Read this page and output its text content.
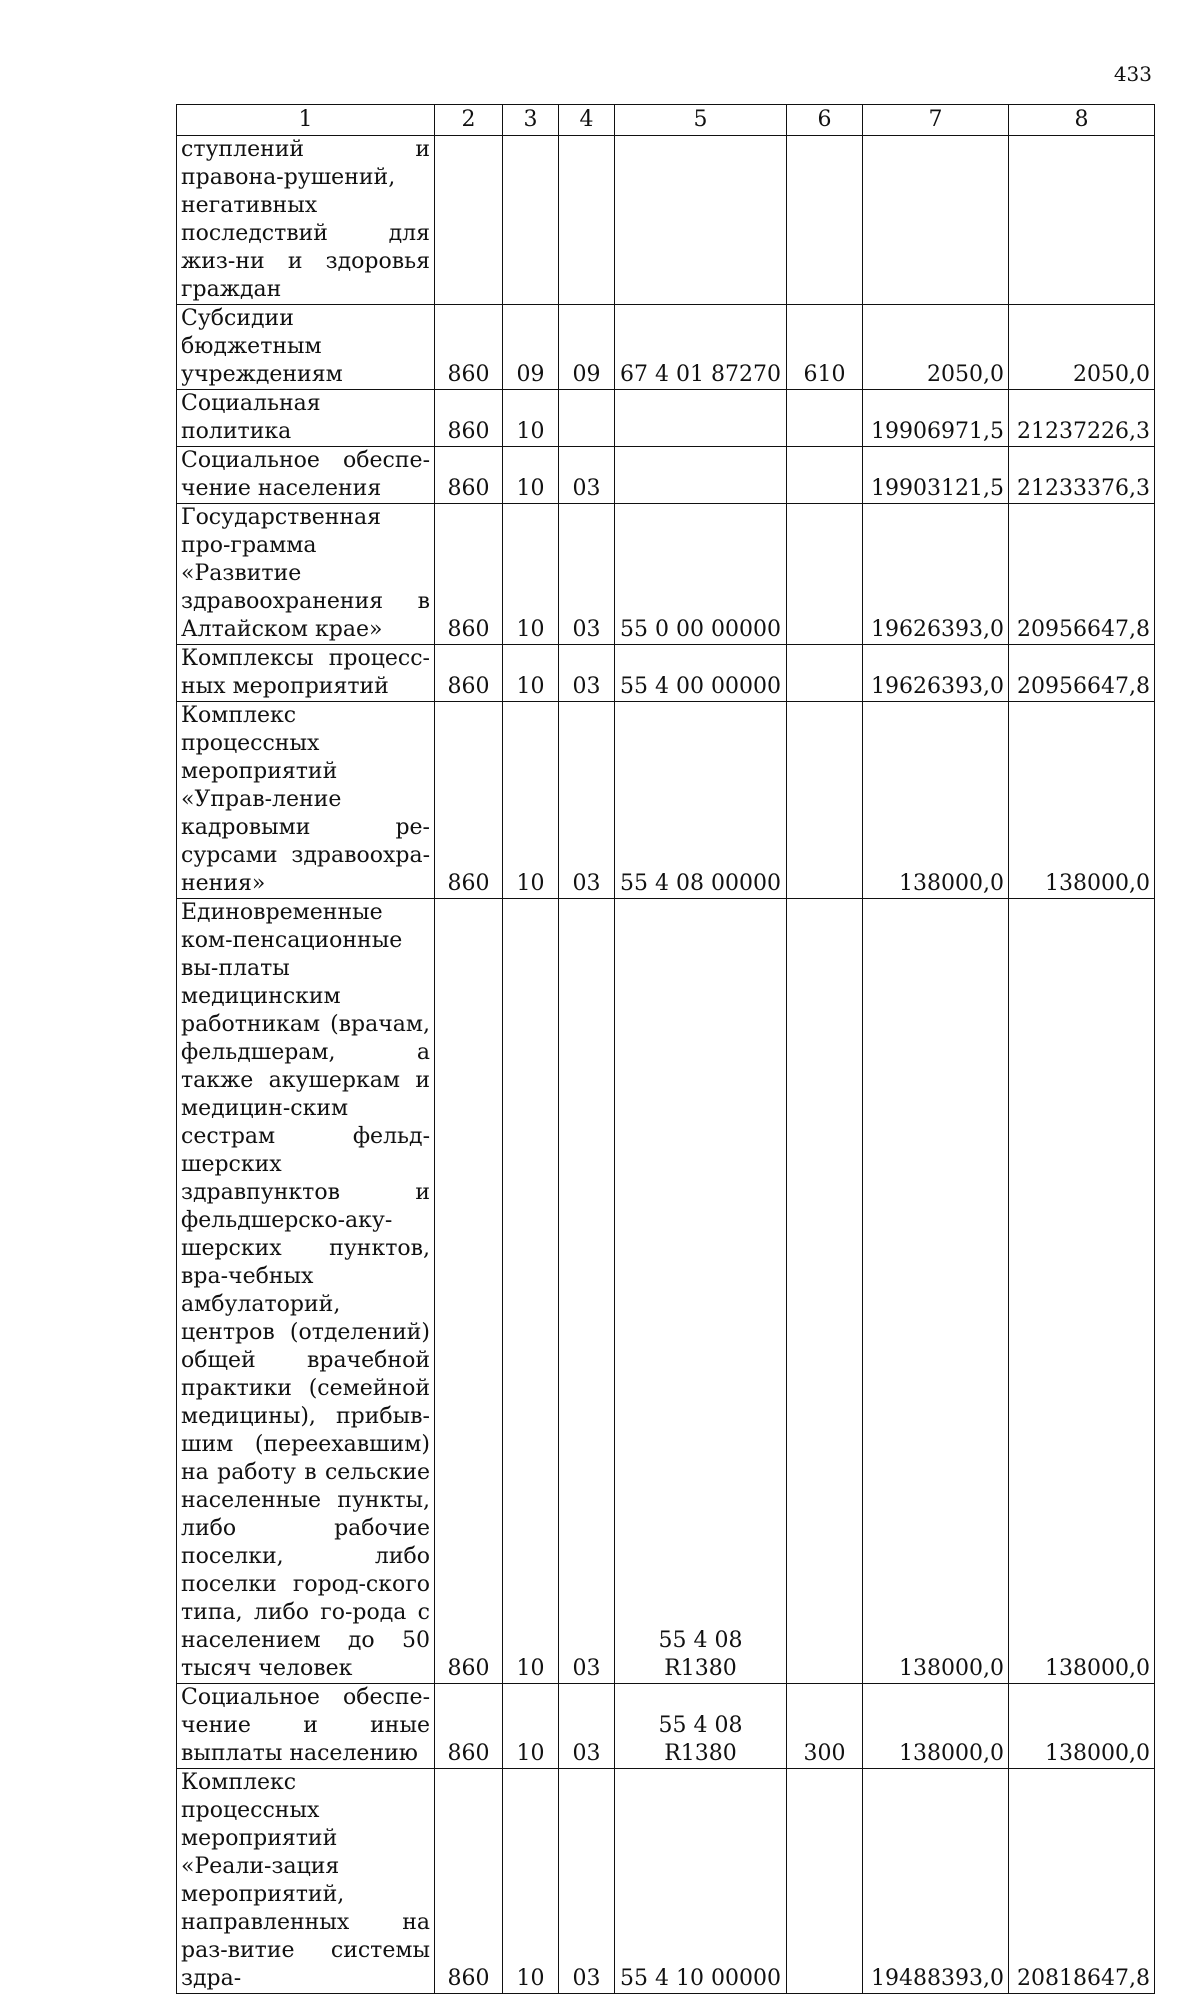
433
1	2	3	4	5	6	7	8
ступлений и правона-рушений, негативных последствий для жиз-ни и здоровья граждан							
Субсидии бюджетным учреждениям	860	09	09	67 4 01 87270	610	2050,0	2050,0
Социальная политика	860	10				19906971,5	21237226,3
Социальное обеспе-чение населения	860	10	03			19903121,5	21233376,3
Государственная про-грамма «Развитие здравоохранения в Алтайском крае»	860	10	03	55 0 00 00000		19626393,0	20956647,8
Комплексы процесс-ных мероприятий	860	10	03	55 4 00 00000		19626393,0	20956647,8
Комплекс процессных мероприятий «Управ-ление кадровыми ре-сурсами здравоохра-нения»	860	10	03	55 4 08 00000		138000,0	138000,0
Единовременные ком-пенсационные вы-платы медицинским работникам (врачам, фельдшерам, а также акушеркам и медицин-ским сестрам фельд-шерских здравпунктов и фельдшерско-аку-шерских пунктов, вра-чебных амбулаторий, центров (отделений) общей врачебной практики (семейной медицины), прибыв-шим (переехавшим) на работу в сельские населенные пункты, либо рабочие поселки, либо поселки город-ского типа, либо го-рода с населением до 50 тысяч человек	860	10	03	55 4 08 R1380		138000,0	138000,0
Социальное обеспе-чение и иные выплаты населению	860	10	03	55 4 08 R1380	300	138000,0	138000,0
Комплекс процессных мероприятий «Реали-зация мероприятий, направленных на раз-витие системы здра-	860	10	03	55 4 10 00000		19488393,0	20818647,8
